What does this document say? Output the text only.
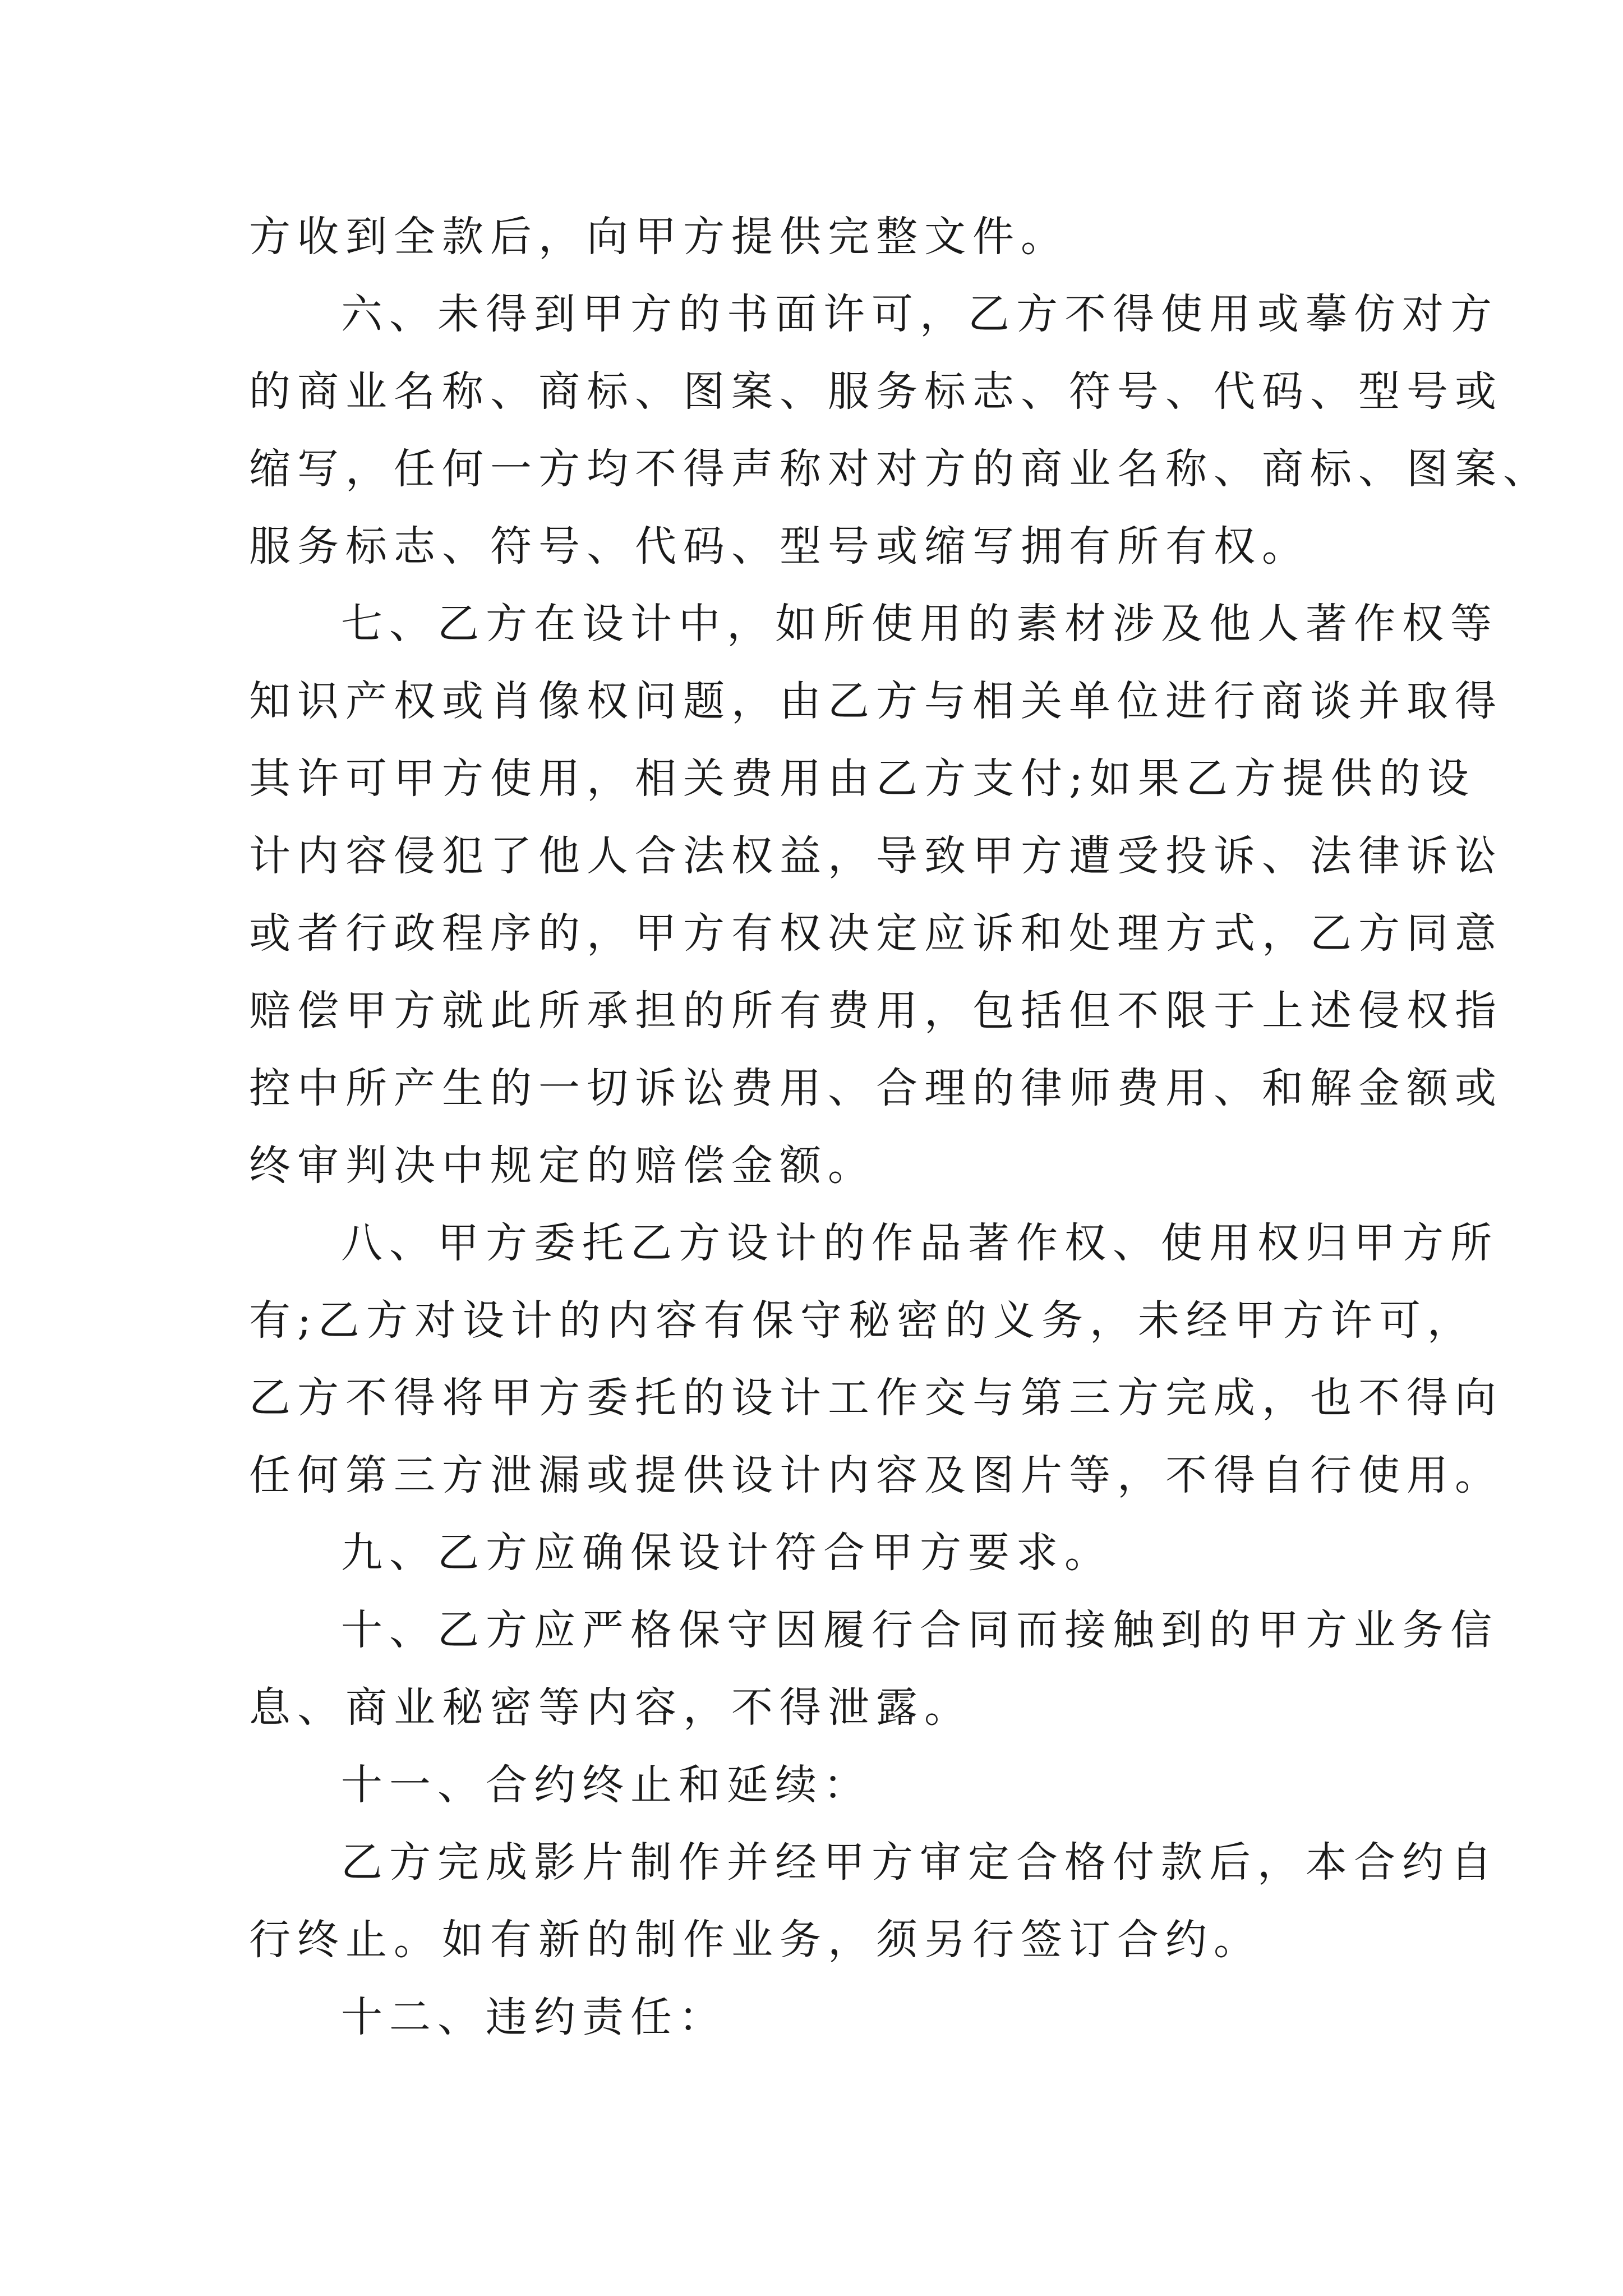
方收到全款后，向甲方提供完整文件。
六、未得到甲方的书面许可，乙方不得使用或摹仿对方
的商业名称、商标、图案、服务标志、符号、代码、型号或
缩写，任何一方均不得声称对对方的商业名称、商标、图案、
服务标志、符号、代码、型号或缩写拥有所有权。
七、乙方在设计中，如所使用的素材涉及他人著作权等
知识产权或肖像权问题，由乙方与相关单位进行商谈并取得
其许可甲方使用，相关费用由乙方支付;如果乙方提供的设
计内容侵犯了他人合法权益，导致甲方遭受投诉、法律诉讼
或者行政程序的，甲方有权决定应诉和处理方式，乙方同意
赔偿甲方就此所承担的所有费用，包括但不限于上述侵权指
控中所产生的一切诉讼费用、合理的律师费用、和解金额或
终审判决中规定的赔偿金额。
八、甲方委托乙方设计的作品著作权、使用权归甲方所
有;乙方对设计的内容有保守秘密的义务，未经甲方许可，
乙方不得将甲方委托的设计工作交与第三方完成，也不得向
任何第三方泄漏或提供设计内容及图片等，不得自行使用。
九、乙方应确保设计符合甲方要求。
十、乙方应严格保守因履行合同而接触到的甲方业务信
息、商业秘密等内容，不得泄露。
十一、合约终止和延续：
乙方完成影片制作并经甲方审定合格付款后，本合约自
行终止。如有新的制作业务，须另行签订合约。
十二、违约责任：
